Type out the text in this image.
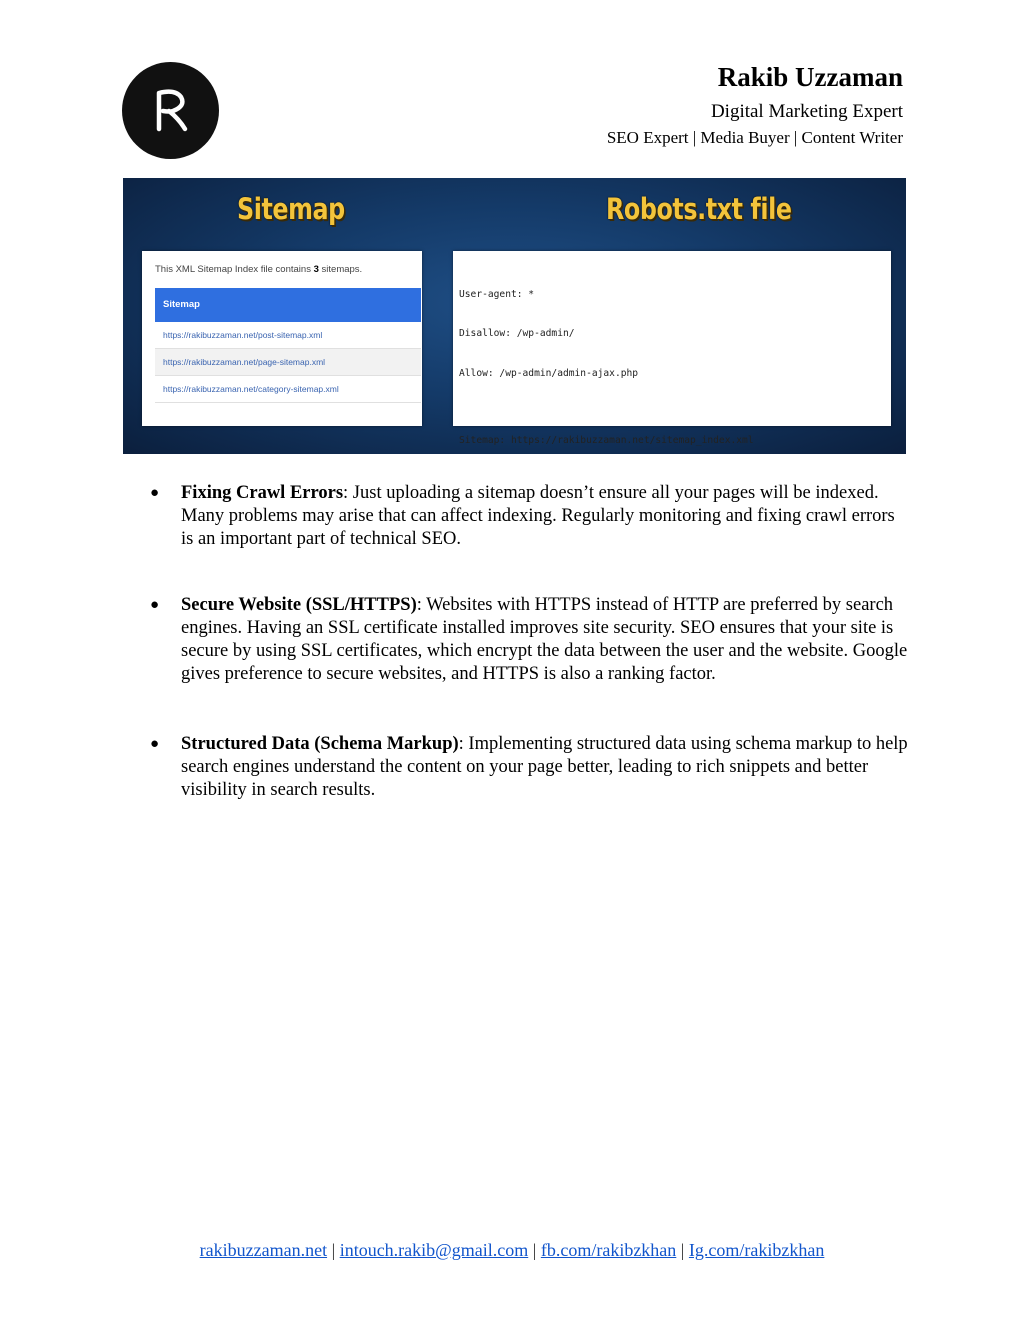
Rakib Uzzaman
Digital Marketing Expert
SEO Expert | Media Buyer | Content Writer
Sitemap	Robots.txt file
This XML Sitemap Index file contains 3 sitemaps.
Sitemap
https://rakibuzzaman.net/post-sitemap.xml
https://rakibuzzaman.net/page-sitemap.xml
https://rakibuzzaman.net/category-sitemap.xml

User-agent: *

Disallow: /wp-admin/

Allow: /wp-admin/admin-ajax.php

Sitemap: https://rakibuzzaman.net/sitemap_index.xml

● Fixing Crawl Errors: Just uploading a sitemap doesn’t ensure all your pages will be indexed. Many problems may arise that can affect indexing. Regularly monitoring and fixing crawl errors is an important part of technical SEO.
● Secure Website (SSL/HTTPS): Websites with HTTPS instead of HTTP are preferred by search engines. Having an SSL certificate installed improves site security. SEO ensures that your site is secure by using SSL certificates, which encrypt the data between the user and the website. Google gives preference to secure websites, and HTTPS is also a ranking factor.
● Structured Data (Schema Markup): Implementing structured data using schema markup to help search engines understand the content on your page better, leading to rich snippets and better visibility in search results.
rakibuzzaman.net | intouch.rakib@gmail.com | fb.com/rakibzkhan | Ig.com/rakibzkhan
